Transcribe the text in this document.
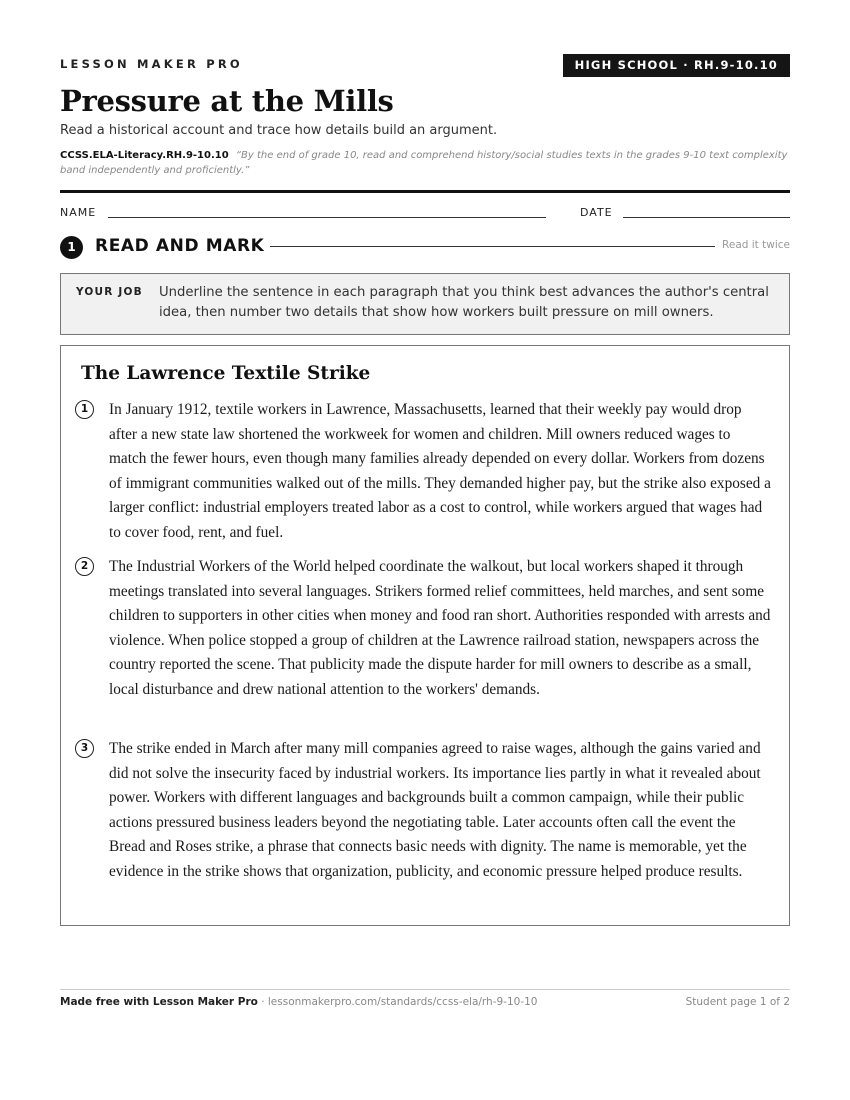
LESSON MAKER PRO	HIGH SCHOOL · RH.9-10.10
Pressure at the Mills
Read a historical account and trace how details build an argument.
CCSS.ELA-Literacy.RH.9-10.10 “By the end of grade 10, read and comprehend history/social studies texts in the grades 9-10 text complexity band independently and proficiently.”
NAME	DATE
1	READ AND MARK	Read it twice
YOUR JOB Underline the sentence in each paragraph that you think best advances the author's central idea, then number two details that show how workers built pressure on mill owners.
The Lawrence Textile Strike
1	In January 1912, textile workers in Lawrence, Massachusetts, learned that their weekly pay would drop after a new state law shortened the workweek for women and children. Mill owners reduced wages to match the fewer hours, even though many families already depended on every dollar. Workers from dozens of immigrant communities walked out of the mills. They demanded higher pay, but the strike also exposed a larger conflict: industrial employers treated labor as a cost to control, while workers argued that wages had to cover food, rent, and fuel.

2	The Industrial Workers of the World helped coordinate the walkout, but local workers shaped it through meetings translated into several languages. Strikers formed relief committees, held marches, and sent some children to supporters in other cities when money and food ran short. Authorities responded with arrests and violence. When police stopped a group of children at the Lawrence railroad station, newspapers across the country reported the scene. That publicity made the dispute harder for mill owners to describe as a small, local disturbance and drew national attention to the workers' demands.

3	The strike ended in March after many mill companies agreed to raise wages, although the gains varied and did not solve the insecurity faced by industrial workers. Its importance lies partly in what it revealed about power. Workers with different languages and backgrounds built a common campaign, while their public actions pressured business leaders beyond the negotiating table. Later accounts often call the event the Bread and Roses strike, a phrase that connects basic needs with dignity. The name is memorable, yet the evidence in the strike shows that organization, publicity, and economic pressure helped produce results.

Made free with Lesson Maker Pro · lessonmakerpro.com/standards/ccss-ela/rh-9-10-10	Student page 1 of 2
